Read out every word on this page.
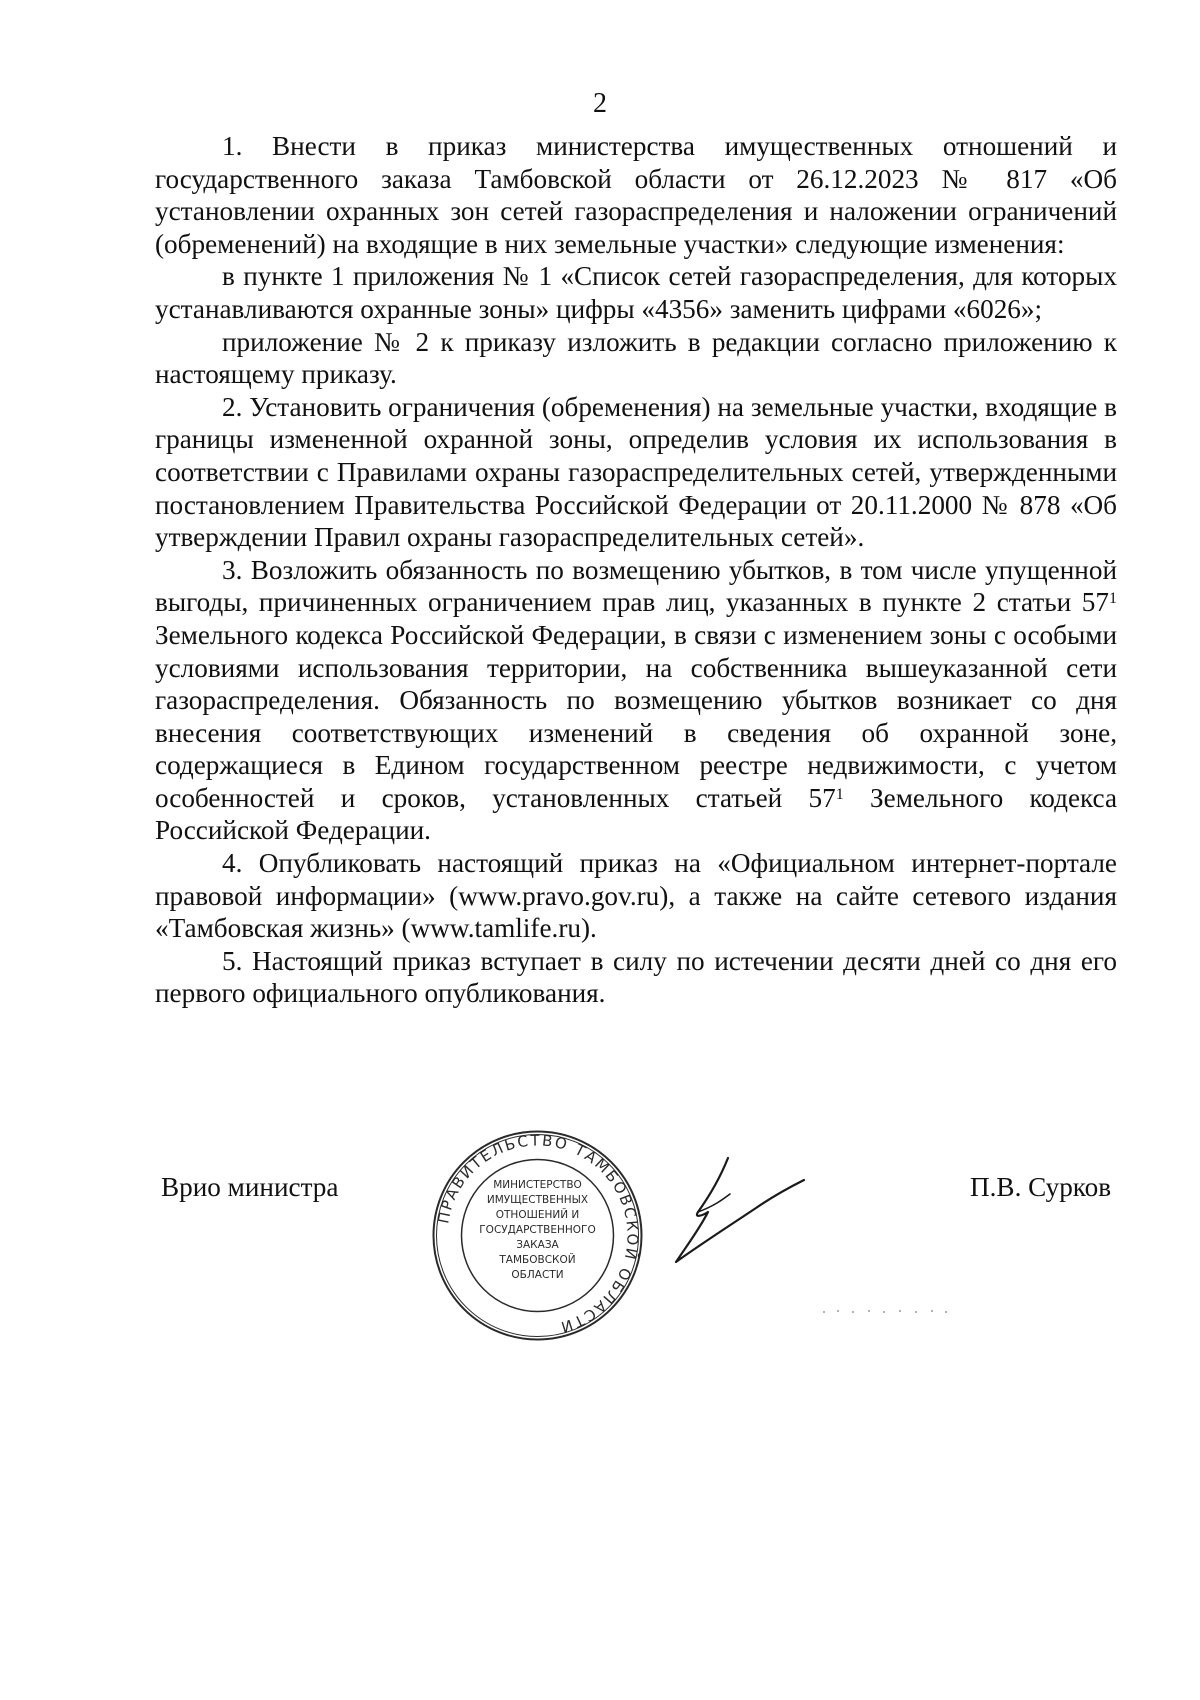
2

1. Внести в приказ министерства имущественных отношений и государственного заказа Тамбовской области от 26.12.2023 № 817 «Об установлении охранных зон сетей газораспределения и наложении ограничений (обременений) на входящие в них земельные участки» следующие изменения:

в пункте 1 приложения № 1 «Список сетей газораспределения, для которых устанавливаются охранные зоны» цифры «4356» заменить цифрами «6026»;

приложение № 2 к приказу изложить в редакции согласно приложению к настоящему приказу.

2. Установить ограничения (обременения) на земельные участки, входящие в границы измененной охранной зоны, определив условия их использования в соответствии с Правилами охраны газораспределительных сетей, утвержденными постановлением Правительства Российской Федерации от 20.11.2000 № 878 «Об утверждении Правил охраны газораспределительных сетей».

3. Возложить обязанность по возмещению убытков, в том числе упущенной выгоды, причиненных ограничением прав лиц, указанных в пункте 2 статьи $57^1$ Земельного кодекса Российской Федерации, в связи с изменением зоны с особыми условиями использования территории, на собственника вышеуказанной сети газораспределения. Обязанность по возмещению убытков возникает со дня внесения соответствующих изменений в сведения об охранной зоне, содержащиеся в Едином государственном реестре недвижимости, с учетом особенностей и сроков, установленных статьей $57^1$ Земельного кодекса Российской Федерации.

4. Опубликовать настоящий приказ на «Официальном интернет-портале правовой информации» (www.pravo.gov.ru), а также на сайте сетевого издания «Тамбовская жизнь» (www.tamlife.ru).

5. Настоящий приказ вступает в силу по истечении десяти дней со дня его первого официального опубликования.

Врио министра
ПРАВИТЕЛЬСТВО ТАМБОВСКОЙ ОБЛАСТИ
МИНИСТЕРСТВО
ИМУЩЕСТВЕННЫХ
ОТНОШЕНИЙ И
ГОСУДАРСТВЕННОГО
ЗАКАЗА
ТАМБОВСКОЙ
ОБЛАСТИ
П.В. Сурков
